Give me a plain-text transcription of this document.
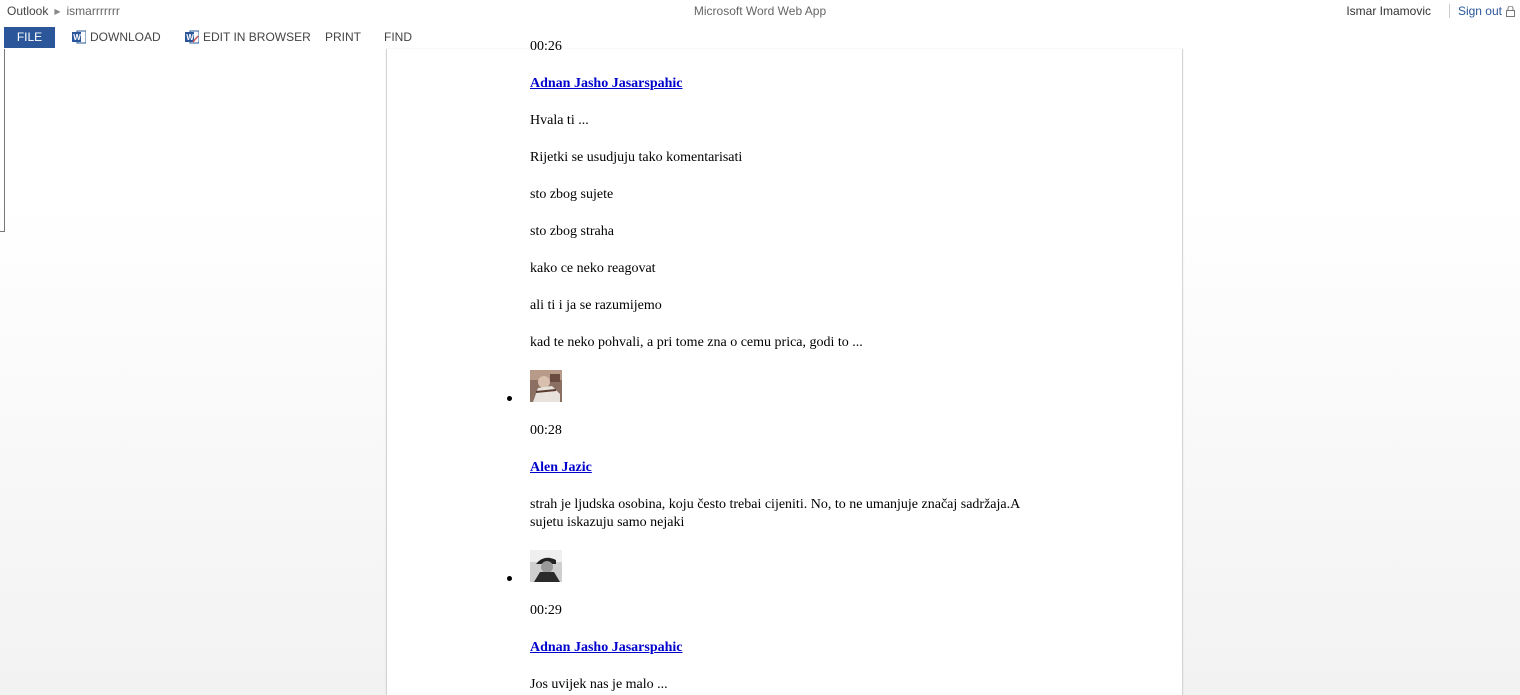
Outlook ▶ ismarrrrrrr	Microsoft Word Web App	Ismar Imamovic Sign out
FILE	W DOWNLOAD	W EDIT IN BROWSER PRINT FIND
00:26
Adnan Jasho Jasarspahic
Hvala ti ...
Rijetki se usudjuju tako komentarisati
sto zbog sujete
sto zbog straha
kako ce neko reagovat
ali ti i ja se razumijemo
kad te neko pohvali, a pri tome zna o cemu prica, godi to ...
00:28
Alen Jazic
strah je ljudska osobina, koju često trebai cijeniti. No, to ne umanjuje značaj sadržaja.A sujetu iskazuju samo nejaki
00:29
Adnan Jasho Jasarspahic
Jos uvijek nas je malo ...
